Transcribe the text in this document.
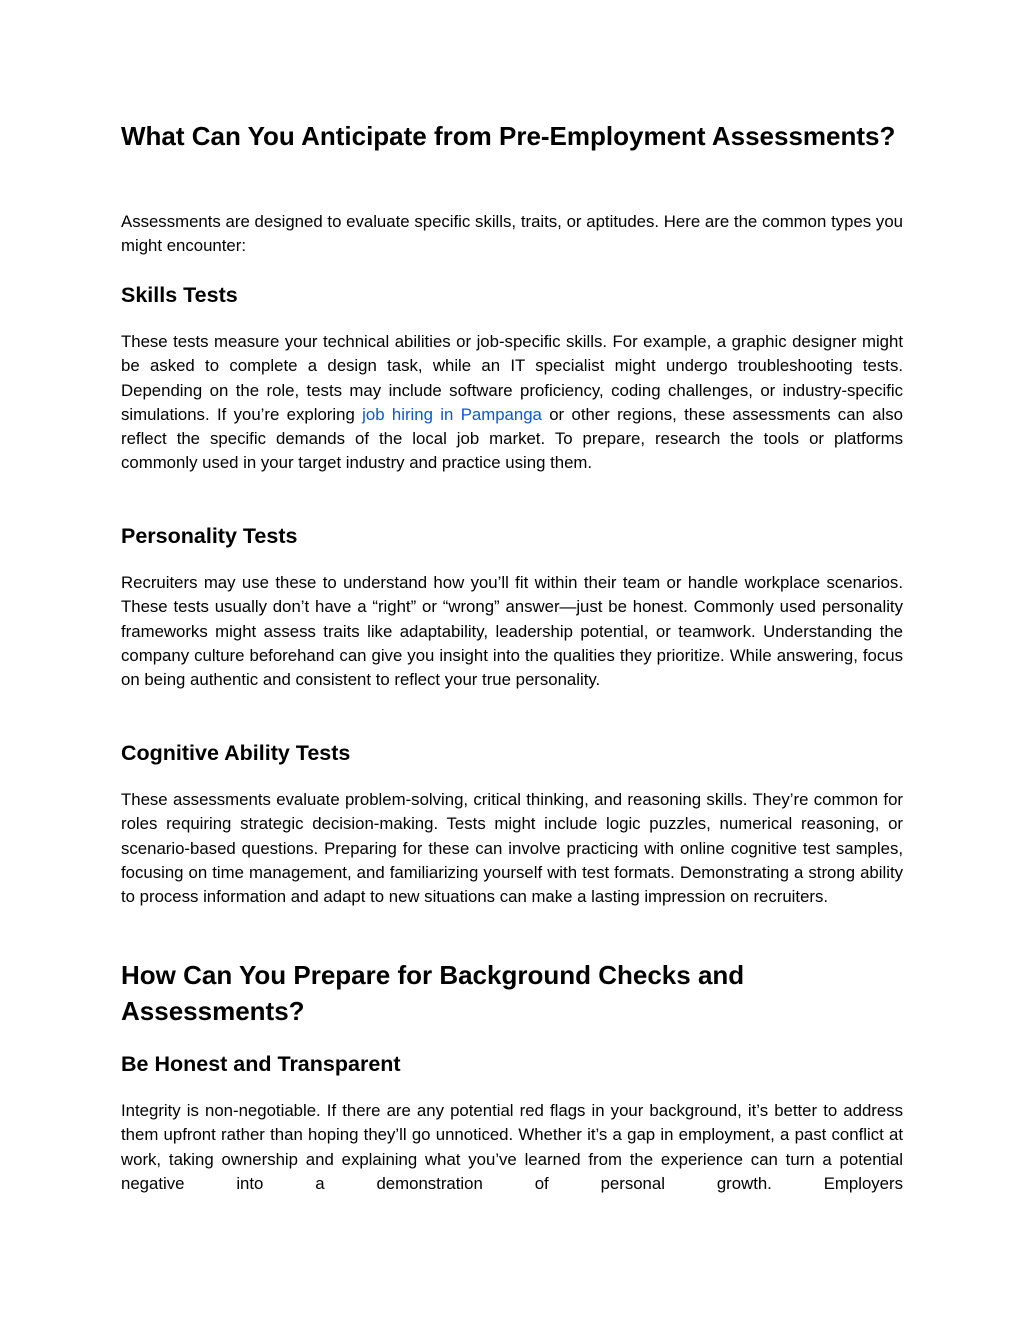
What Can You Anticipate from Pre-Employment Assessments?

Assessments are designed to evaluate specific skills, traits, or aptitudes. Here are the common types you might encounter:

Skills Tests

These tests measure your technical abilities or job-specific skills. For example, a graphic designer might be asked to complete a design task, while an IT specialist might undergo troubleshooting tests. Depending on the role, tests may include software proficiency, coding challenges, or industry-specific simulations. If you’re exploring job hiring in Pampanga or other regions, these assessments can also reflect the specific demands of the local job market. To prepare, research the tools or platforms commonly used in your target industry and practice using them.

Personality Tests

Recruiters may use these to understand how you’ll fit within their team or handle workplace scenarios. These tests usually don’t have a “right” or “wrong” answer—just be honest. Commonly used personality frameworks might assess traits like adaptability, leadership potential, or teamwork. Understanding the company culture beforehand can give you insight into the qualities they prioritize. While answering, focus on being authentic and consistent to reflect your true personality.

Cognitive Ability Tests

These assessments evaluate problem-solving, critical thinking, and reasoning skills. They’re common for roles requiring strategic decision-making. Tests might include logic puzzles, numerical reasoning, or scenario-based questions. Preparing for these can involve practicing with online cognitive test samples, focusing on time management, and familiarizing yourself with test formats. Demonstrating a strong ability to process information and adapt to new situations can make a lasting impression on recruiters.

How Can You Prepare for Background Checks and Assessments?
Be Honest and Transparent

Integrity is non-negotiable. If there are any potential red flags in your background, it’s better to address them upfront rather than hoping they’ll go unnoticed. Whether it’s a gap in employment, a past conflict at work, taking ownership and explaining what you’ve learned from the experience can turn a potential negative into a demonstration of personal growth. Employers
